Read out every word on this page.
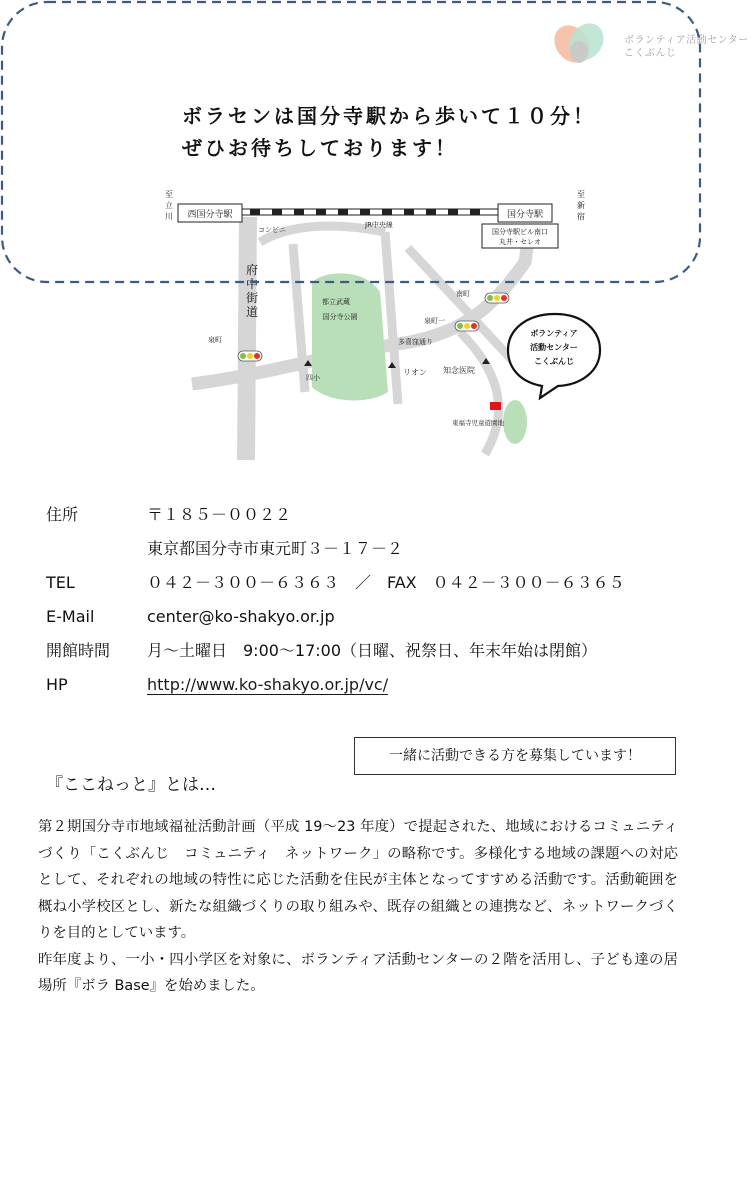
ボランティア活動センター
こくぶんじ
ボラセンは国分寺駅から歩いて１０分！
ぜひお待ちしております！
西国分寺駅	国分寺駅
至
立
川
至
新
宿
コンビニ
JR中央線
国分寺駅ビル南口
丸井・セレオ
府
中
街
道
都立武蔵
国分寺公園
泉町
泉町一
南町
多喜窪通り
四小
リオン 知念医院
東福寺児童遊園地
ボランティア
活動センター
こくぶんじ
住所	〒１８５－００２２
東京都国分寺市東元町３－１７－２
TEL	０４２－３００－６３６３　／　FAX　０４２－３００－６３６５
E-Mail	center@ko-shakyo.or.jp
開館時間	月～土曜日　9:00～17:00（日曜、祝祭日、年末年始は閉館）
HP	http://www.ko-shakyo.or.jp/vc/
一緒に活動できる方を募集しています！
『ここねっと』とは…

第２期国分寺市地域福祉活動計画（平成 19～23 年度）で提起された、地域におけるコミュニティづくり「こくぶんじ　コミュニティ　ネットワーク」の略称です。多様化する地域の課題への対応として、それぞれの地域の特性に応じた活動を住民が主体となってすすめる活動です。活動範囲を概ね小学校区とし、新たな組織づくりの取り組みや、既存の組織との連携など、ネットワークづくりを目的としています。

昨年度より、一小・四小学区を対象に、ボランティア活動センターの２階を活用し、子ども達の居場所『ボラ Base』を始めました。
